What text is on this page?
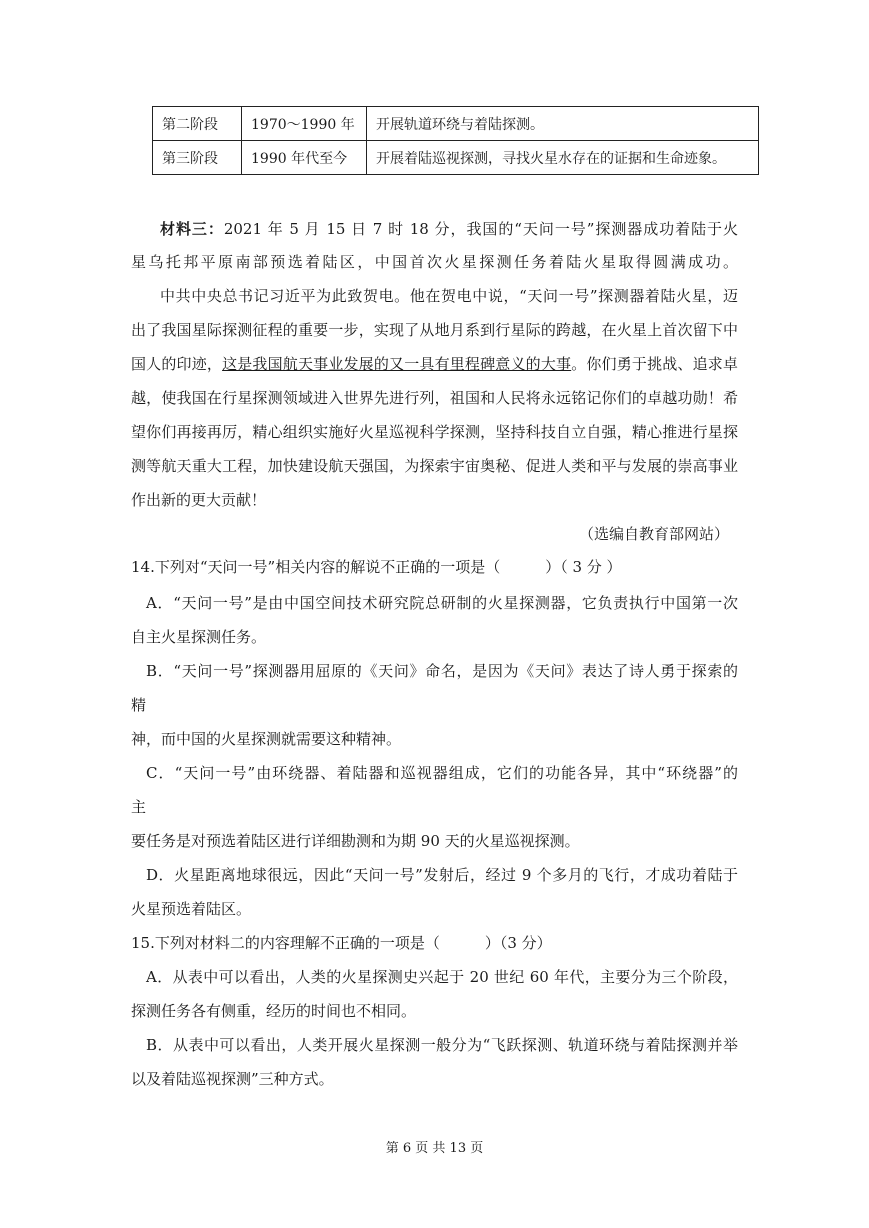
第二阶段	1970～1990 年	开展轨道环绕与着陆探测。
第三阶段	1990 年代至今	开展着陆巡视探测，寻找火星水存在的证据和生命迹象。
材料三：2021 年 5 月 15 日 7 时 18 分，我国的“天问一号”探测器成功着陆于火
星乌托邦平原南部预选着陆区，中国首次火星探测任务着陆火星取得圆满成功。
中共中央总书记习近平为此致贺电。他在贺电中说，“天问一号”探测器着陆火星，迈
出了我国星际探测征程的重要一步，实现了从地月系到行星际的跨越，在火星上首次留下中
国人的印迹，这是我国航天事业发展的又一具有里程碑意义的大事。你们勇于挑战、追求卓
越，使我国在行星探测领域进入世界先进行列，祖国和人民将永远铭记你们的卓越功勋！希
望你们再接再厉，精心组织实施好火星巡视科学探测，坚持科技自立自强，精心推进行星探
测等航天重大工程，加快建设航天强国，为探索宇宙奥秘、促进人类和平与发展的崇高事业
作出新的更大贡献！
（选编自教育部网站）
14.下列对“天问一号”相关内容的解说不正确的一项是（　　　）（ 3 分 ）
A．“天问一号”是由中国空间技术研究院总研制的火星探测器，它负责执行中国第一次
自主火星探测任务。
B．“天问一号”探测器用屈原的《天问》命名，是因为《天问》表达了诗人勇于探索的
精
神，而中国的火星探测就需要这种精神。
C．“天问一号”由环绕器、着陆器和巡视器组成，它们的功能各异，其中“环绕器”的
主
要任务是对预选着陆区进行详细勘测和为期 90 天的火星巡视探测。
D．火星距离地球很远，因此“天问一号”发射后，经过 9 个多月的飞行，才成功着陆于
火星预选着陆区。
15.下列对材料二的内容理解不正确的一项是（　　　）（3 分）
A．从表中可以看出，人类的火星探测史兴起于 20 世纪 60 年代，主要分为三个阶段，
探测任务各有侧重，经历的时间也不相同。
B．从表中可以看出，人类开展火星探测一般分为“飞跃探测、轨道环绕与着陆探测并举
以及着陆巡视探测”三种方式。
第 6 页 共 13 页
